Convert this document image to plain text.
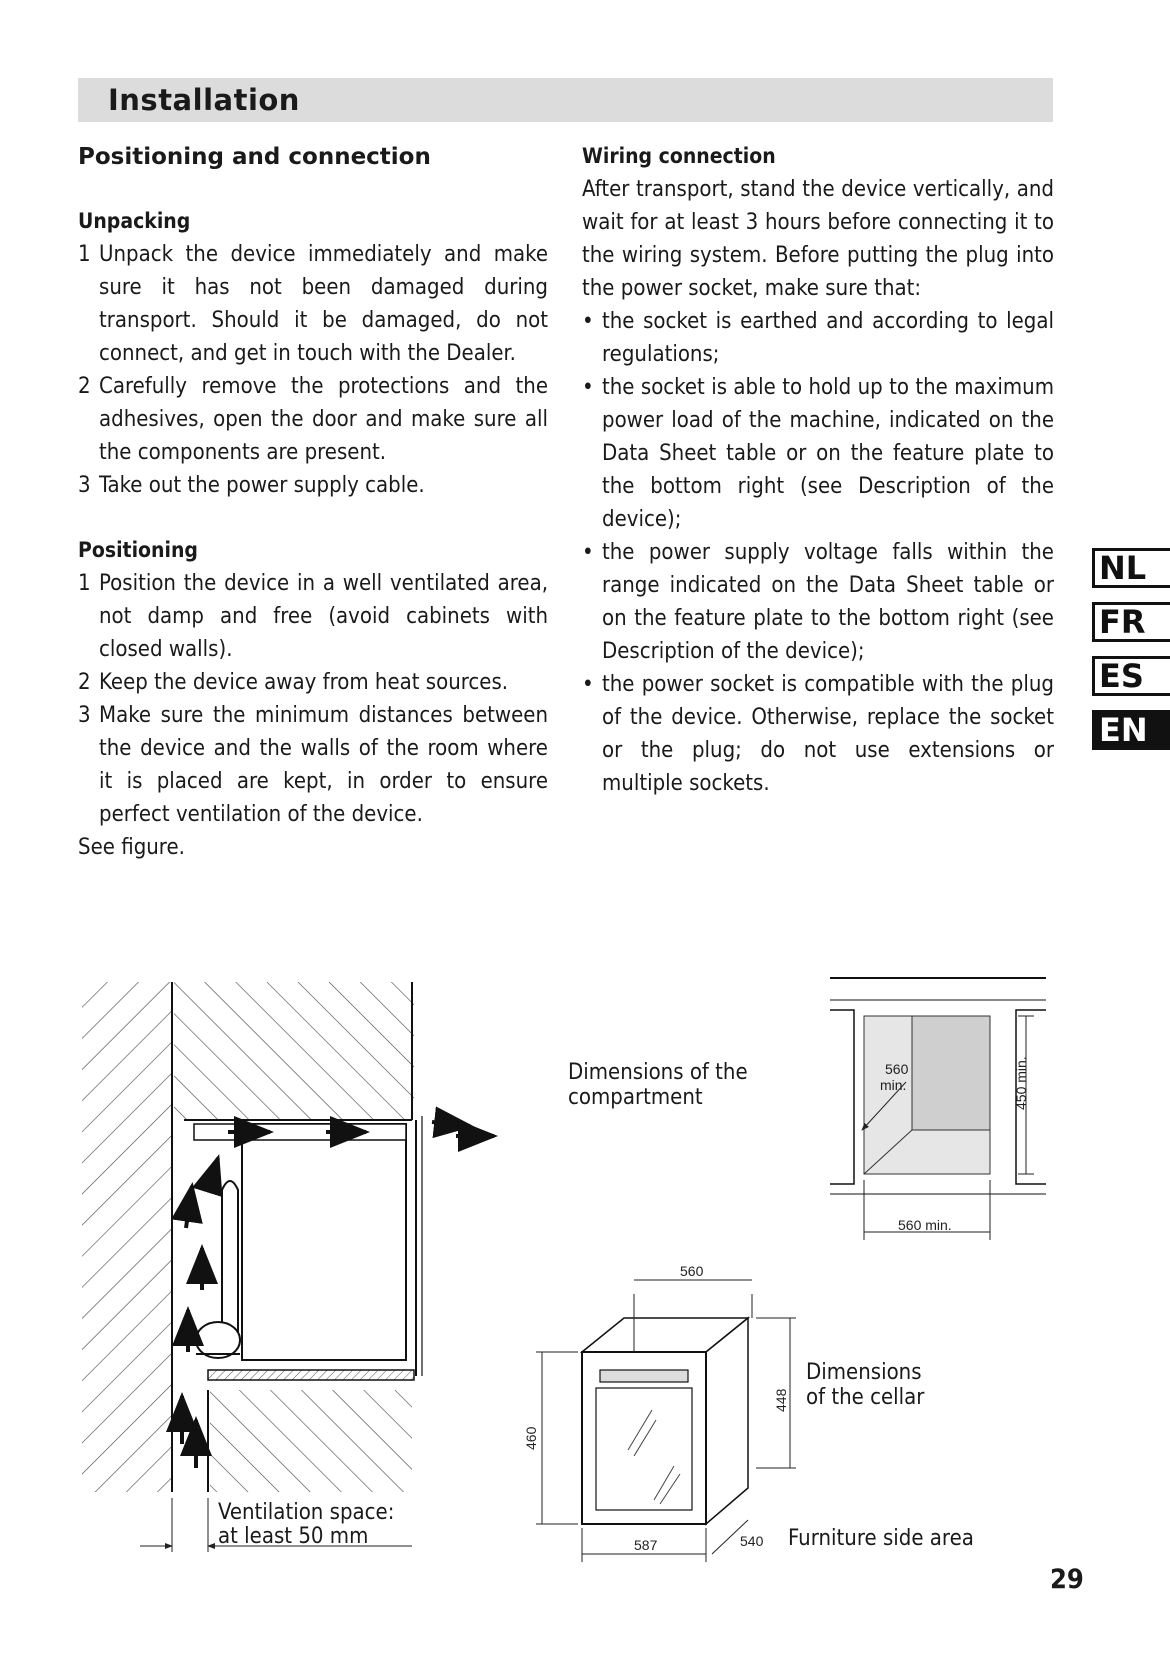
Installation
Positioning and connection
Unpacking
1 Unpack the device immediately and make sure it has not been damaged during transport. Should it be damaged, do not connect, and get in touch with the Dealer.
2 Carefully remove the protections and the adhesives, open the door and make sure all the components are present.
3 Take out the power supply cable.
Positioning
1 Position the device in a well ventilated area, not damp and free (avoid cabinets with closed walls).
2 Keep the device away from heat sources.
3 Make sure the minimum distances between the device and the walls of the room where it is placed are kept, in order to ensure perfect ventilation of the device.

See figure.

Wiring connection

After transport, stand the device vertically, and wait for at least 3 hours before connecting it to the wiring system. Before putting the plug into the power socket, make sure that:

• the socket is earthed and according to legal regulations;
• the socket is able to hold up to the maximum power load of the machine, indicated on the Data Sheet table or on the feature plate to the bottom right (see Description of the device);
• the power supply voltage falls within the range indicated on the Data Sheet table or on the feature plate to the bottom right (see Description of the device);
• the power socket is compatible with the plug of the device. Otherwise, replace the socket or the plug; do not use extensions or multiple sockets.
NL
FR
ES
EN
560
min.	450 min.
560 min.
560
448
460
587	540
Ventilation space:
at least 50 mm
Dimensions of the
compartment
Dimensions
of the cellar
Furniture side area
29
